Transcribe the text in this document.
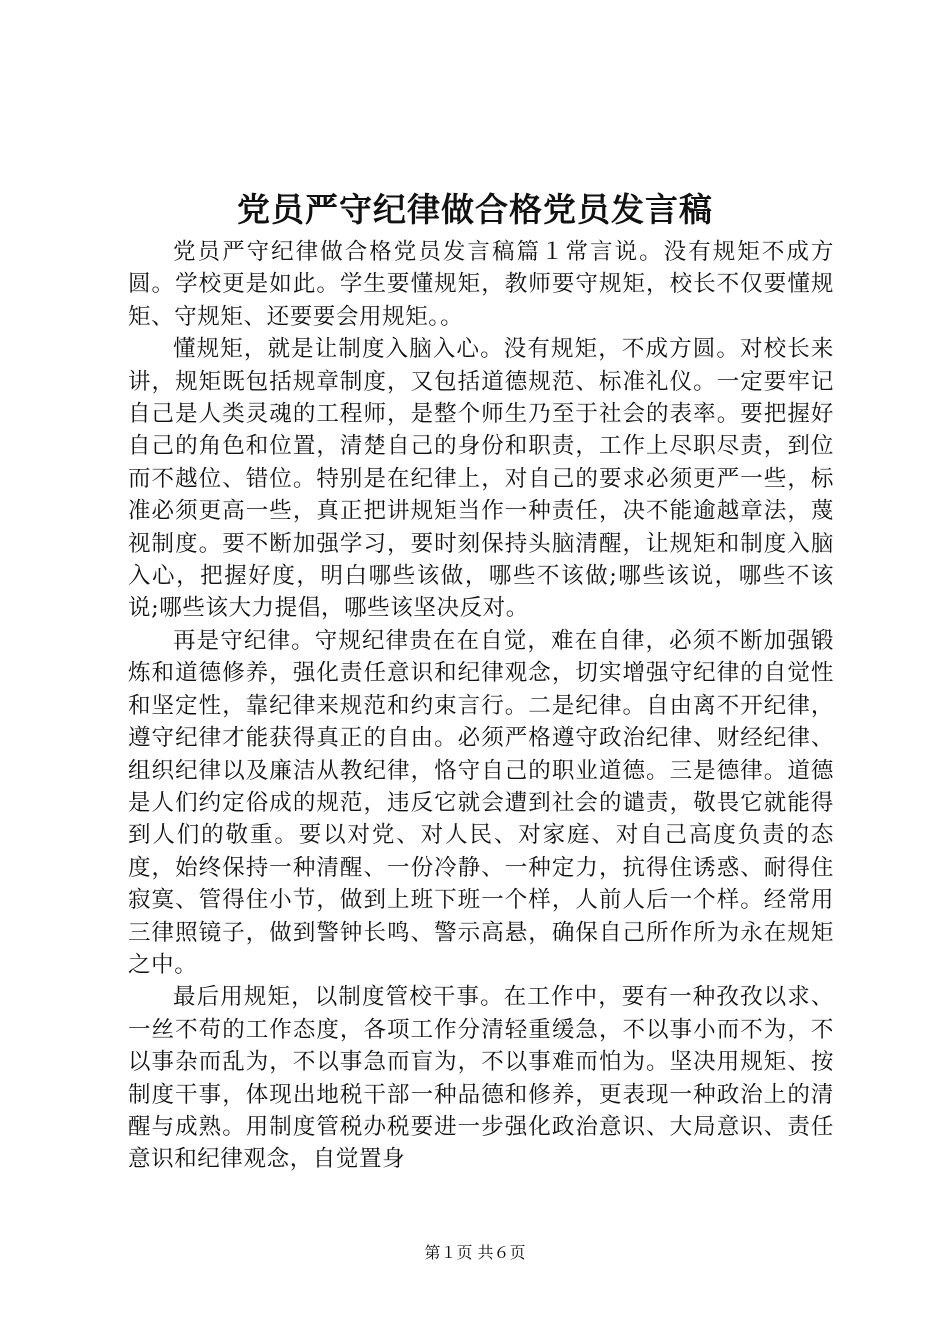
党员严守纪律做合格党员发言稿

党员严守纪律做合格党员发言稿篇１常言说。没有规矩不成方圆。学校更是如此。学生要懂规矩，教师要守规矩，校长不仅要懂规矩、守规矩、还要要会用规矩。。

懂规矩，就是让制度入脑入心。没有规矩，不成方圆。对校长来讲，规矩既包括规章制度，又包括道德规范、标准礼仪。一定要牢记自己是人类灵魂的工程师，是整个师生乃至于社会的表率。要把握好自己的角色和位置，清楚自己的身份和职责，工作上尽职尽责，到位而不越位、错位。特别是在纪律上，对自己的要求必须更严一些，标准必须更高一些，真正把讲规矩当作一种责任，决不能逾越章法，蔑视制度。要不断加强学习，要时刻保持头脑清醒，让规矩和制度入脑入心，把握好度，明白哪些该做，哪些不该做;哪些该说，哪些不该说;哪些该大力提倡，哪些该坚决反对。

再是守纪律。守规纪律贵在在自觉，难在自律，必须不断加强锻炼和道德修养，强化责任意识和纪律观念，切实增强守纪律的自觉性和坚定性，靠纪律来规范和约束言行。二是纪律。自由离不开纪律，遵守纪律才能获得真正的自由。必须严格遵守政治纪律、财经纪律、组织纪律以及廉洁从教纪律，恪守自己的职业道德。三是德律。道德是人们约定俗成的规范，违反它就会遭到社会的谴责，敬畏它就能得到人们的敬重。要以对党、对人民、对家庭、对自己高度负责的态度，始终保持一种清醒、一份冷静、一种定力，抗得住诱惑、耐得住寂寞、管得住小节，做到上班下班一个样，人前人后一个样。经常用三律照镜子，做到警钟长鸣、警示高悬，确保自己所作所为永在规矩之中。

最后用规矩，以制度管校干事。在工作中，要有一种孜孜以求、一丝不苟的工作态度，各项工作分清轻重缓急，不以事小而不为，不以事杂而乱为，不以事急而盲为，不以事难而怕为。坚决用规矩、按制度干事，体现出地税干部一种品德和修养，更表现一种政治上的清醒与成熟。用制度管税办税要进一步强化政治意识、大局意识、责任意识和纪律观念，自觉置身

第１页 共６页
